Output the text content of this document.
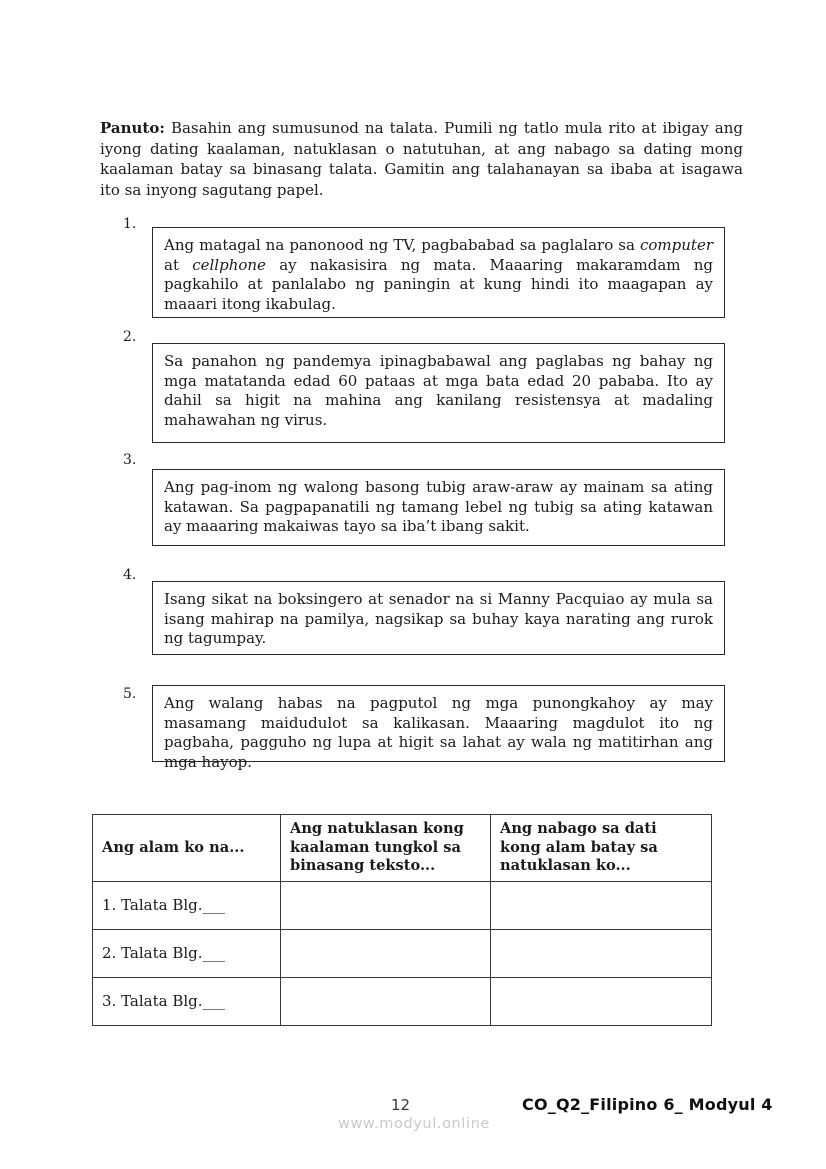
Panuto: Basahin ang sumusunod na talata. Pumili ng tatlo mula rito at ibigay ang iyong dating kaalaman, natuklasan o natutuhan, at ang nabago sa dating mong kaalaman batay sa binasang talata. Gamitin ang talahanayan sa ibaba at isagawa ito sa inyong sagutang papel.

1.
Ang matagal na panonood ng TV, pagbababad sa paglalaro sa computer at cellphone ay nakasisira ng mata. Maaaring makaramdam ng pagkahilo at panlalabo ng paningin at kung hindi ito maagapan ay maaari itong ikabulag.
2.
Sa panahon ng pandemya ipinagbabawal ang paglabas ng bahay ng mga matatanda edad 60 pataas at mga bata edad 20 pababa. Ito ay dahil sa higit na mahina ang kanilang resistensya at madaling mahawahan ng virus.
3.
Ang pag-inom ng walong basong tubig araw-araw ay mainam sa ating katawan. Sa pagpapanatili ng tamang lebel ng tubig sa ating katawan ay maaaring makaiwas tayo sa iba’t ibang sakit.
4.
Isang sikat na boksingero at senador na si Manny Pacquiao ay mula sa isang mahirap na pamilya, nagsikap sa buhay kaya narating ang rurok ng tagumpay.
5.	Ang walang habas na pagputol ng mga punongkahoy ay may masamang maidudulot sa kalikasan. Maaaring magdulot ito ng pagbaha, pagguho ng lupa at higit sa lahat ay wala ng matitirhan ang mga hayop.
Ang alam ko na...	Ang natuklasan kong kaalaman tungkol sa binasang teksto...	Ang nabago sa dati kong alam batay sa natuklasan ko...
1. Talata Blg.___		
2. Talata Blg.___		
3. Talata Blg.___		
12	CO_Q2_Filipino 6_ Modyul 4
www.modyul.online
